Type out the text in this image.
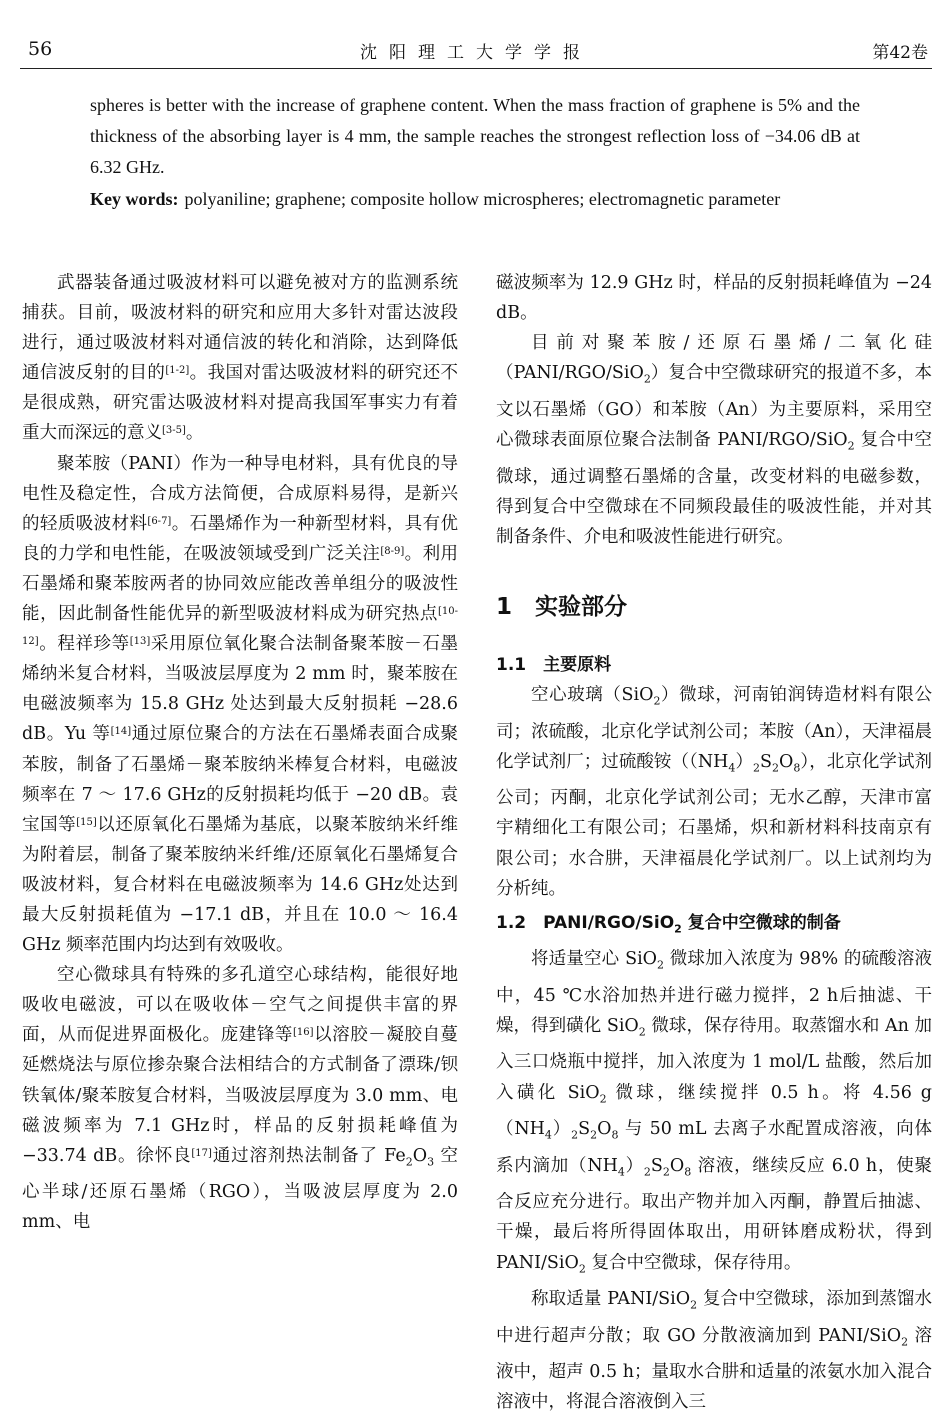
56	沈阳理工大学学报	第42卷

spheres is better with the increase of graphene content. When the mass fraction of graphene is 5% and the thickness of the absorbing layer is 4 mm, the sample reaches the strongest reflection loss of −34.06 dB at 6.32 GHz.

Key words: polyaniline; graphene; composite hollow microspheres; electromagnetic parameter

武器装备通过吸波材料可以避免被对方的监测系统捕获。目前，吸波材料的研究和应用大多针对雷达波段进行，通过吸波材料对通信波的转化和消除，达到降低通信波反射的目的[1-2]。我国对雷达吸波材料的研究还不是很成熟，研究雷达吸波材料对提高我国军事实力有着重大而深远的意义[3-5]。

聚苯胺（PANI）作为一种导电材料，具有优良的导电性及稳定性，合成方法简便，合成原料易得，是新兴的轻质吸波材料[6-7]。石墨烯作为一种新型材料，具有优良的力学和电性能，在吸波领域受到广泛关注[8-9]。利用石墨烯和聚苯胺两者的协同效应能改善单组分的吸波性能，因此制备性能优异的新型吸波材料成为研究热点[10-12]。程祥珍等[13]采用原位氧化聚合法制备聚苯胺－石墨烯纳米复合材料，当吸波层厚度为 2 mm 时，聚苯胺在电磁波频率为 15.8 GHz 处达到最大反射损耗 −28.6 dB。Yu 等[14]通过原位聚合的方法在石墨烯表面合成聚苯胺，制备了石墨烯－聚苯胺纳米棒复合材料，电磁波频率在 7 ～ 17.6 GHz的反射损耗均低于 −20 dB。袁宝国等[15]以还原氧化石墨烯为基底，以聚苯胺纳米纤维为附着层，制备了聚苯胺纳米纤维/还原氧化石墨烯复合吸波材料，复合材料在电磁波频率为 14.6 GHz处达到最大反射损耗值为 −17.1 dB，并且在 10.0 ～ 16.4 GHz 频率范围内均达到有效吸收。

空心微球具有特殊的多孔道空心球结构，能很好地吸收电磁波，可以在吸收体－空气之间提供丰富的界面，从而促进界面极化。庞建锋等[16]以溶胶－凝胶自蔓延燃烧法与原位掺杂聚合法相结合的方式制备了漂珠/钡铁氧体/聚苯胺复合材料，当吸波层厚度为 3.0 mm、电磁波频率为 7.1 GHz时，样品的反射损耗峰值为 −33.74 dB。徐怀良[17]通过溶剂热法制备了 $Fe_2O_3$ 空心半球/还原石墨烯（RGO），当吸波层厚度为 2.0 mm、电

磁波频率为 12.9 GHz 时，样品的反射损耗峰值为 −24 dB。

目前对聚苯胺/还原石墨烯/二氧化硅（PANI/RGO/SiO$_2$）复合中空微球研究的报道不多，本文以石墨烯（GO）和苯胺（An）为主要原料，采用空心微球表面原位聚合法制备 PANI/RGO/SiO$_2$ 复合中空微球，通过调整石墨烯的含量，改变材料的电磁参数，得到复合中空微球在不同频段最佳的吸波性能，并对其制备条件、介电和吸波性能进行研究。

1　实验部分
1.1　主要原料

空心玻璃（SiO$_2$）微球，河南铂润铸造材料有限公司；浓硫酸，北京化学试剂公司；苯胺（An），天津福晨化学试剂厂；过硫酸铵$((NH_4)_2S_2O_8)$，北京化学试剂公司；丙酮，北京化学试剂公司；无水乙醇，天津市富宇精细化工有限公司；石墨烯，炽和新材料科技南京有限公司；水合肼，天津福晨化学试剂厂。以上试剂均为分析纯。

1.2　PANI/RGO/SiO$_2$ 复合中空微球的制备

将适量空心 SiO$_2$ 微球加入浓度为 98% 的硫酸溶液中，45 ℃水浴加热并进行磁力搅拌，2 h后抽滤、干燥，得到磺化 SiO$_2$ 微球，保存待用。取蒸馏水和 An 加入三口烧瓶中搅拌，加入浓度为 1 mol/L 盐酸，然后加入磺化 SiO$_2$ 微球，继续搅拌 0.5 h。将 4.56 $g(NH_4)_2S_2O_8$ 与 50 mL 去离子水配置成溶液，向体系内滴加$(NH_4)_2S_2O_8$ 溶液，继续反应 6.0 h，使聚合反应充分进行。取出产物并加入丙酮，静置后抽滤、干燥，最后将所得固体取出，用研钵磨成粉状，得到 PANI/SiO$_2$ 复合中空微球，保存待用。

称取适量 PANI/SiO$_2$ 复合中空微球，添加到蒸馏水中进行超声分散；取 GO 分散液滴加到 PANI/SiO$_2$ 溶液中，超声 0.5 h；量取水合肼和适量的浓氨水加入混合溶液中，将混合溶液倒入三
